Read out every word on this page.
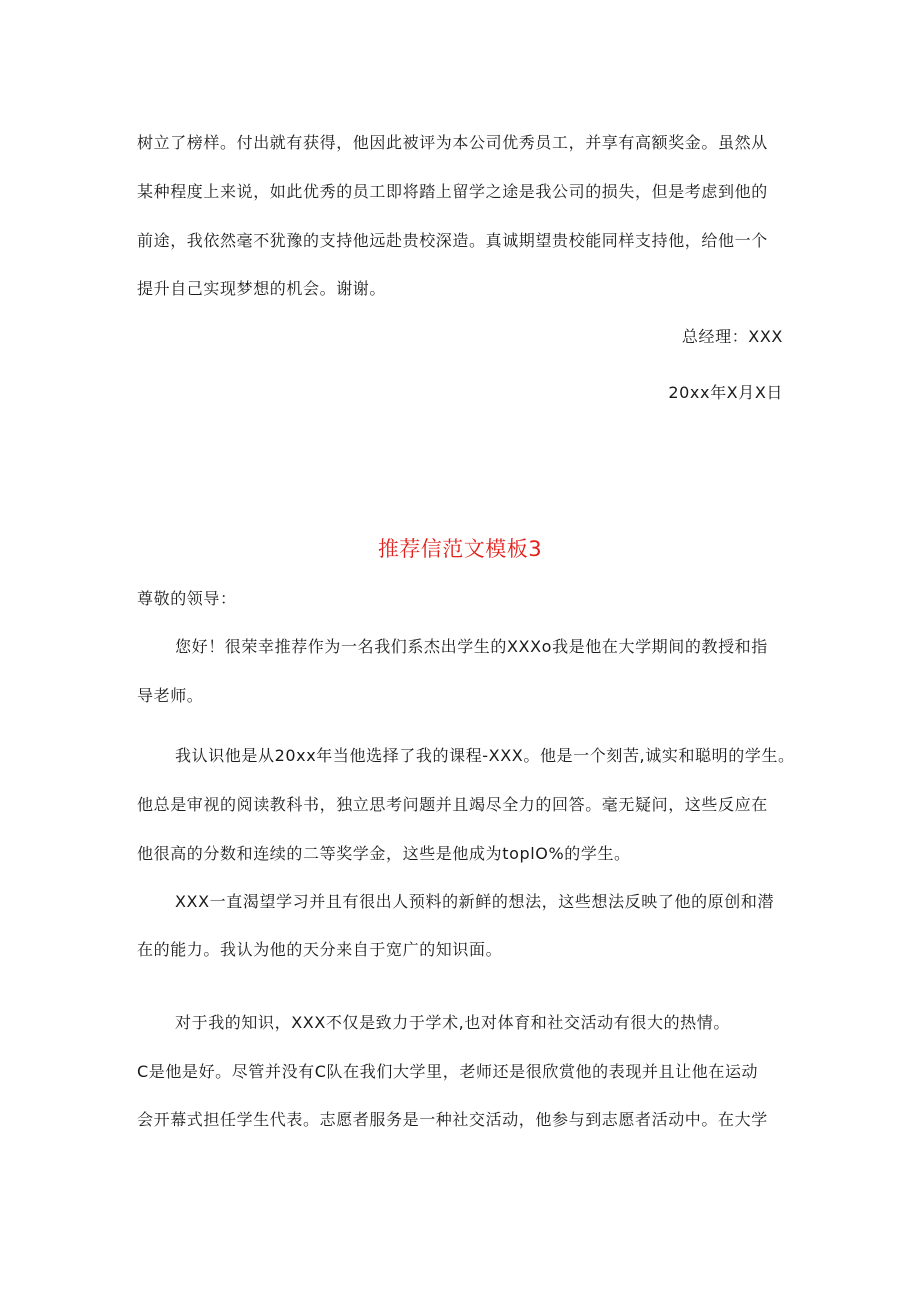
树立了榜样。付出就有获得，他因此被评为本公司优秀员工，并享有高额奖金。虽然从
某种程度上来说，如此优秀的员工即将踏上留学之途是我公司的损失，但是考虑到他的
前途，我依然毫不犹豫的支持他远赴贵校深造。真诚期望贵校能同样支持他，给他一个
提升自己实现梦想的机会。谢谢。
总经理：XXX
20xx年X月X日
推荐信范文模板3
尊敬的领导：
您好！很荣幸推荐作为一名我们系杰出学生的XXXo我是他在大学期间的教授和指
导老师。
我认识他是从20xx年当他选择了我的课程-XXX。他是一个刻苦,诚实和聪明的学生。
他总是审视的阅读教科书，独立思考问题并且竭尽全力的回答。毫无疑问，这些反应在
他很高的分数和连续的二等奖学金，这些是他成为toplO%的学生。
XXX一直渴望学习并且有很出人预料的新鲜的想法，这些想法反映了他的原创和潜
在的能力。我认为他的天分来自于宽广的知识面。
对于我的知识，XXX不仅是致力于学术,也对体育和社交活动有很大的热情。
C是他是好。尽管并没有C队在我们大学里，老师还是很欣赏他的表现并且让他在运动
会开幕式担任学生代表。志愿者服务是一种社交活动，他参与到志愿者活动中。在大学
